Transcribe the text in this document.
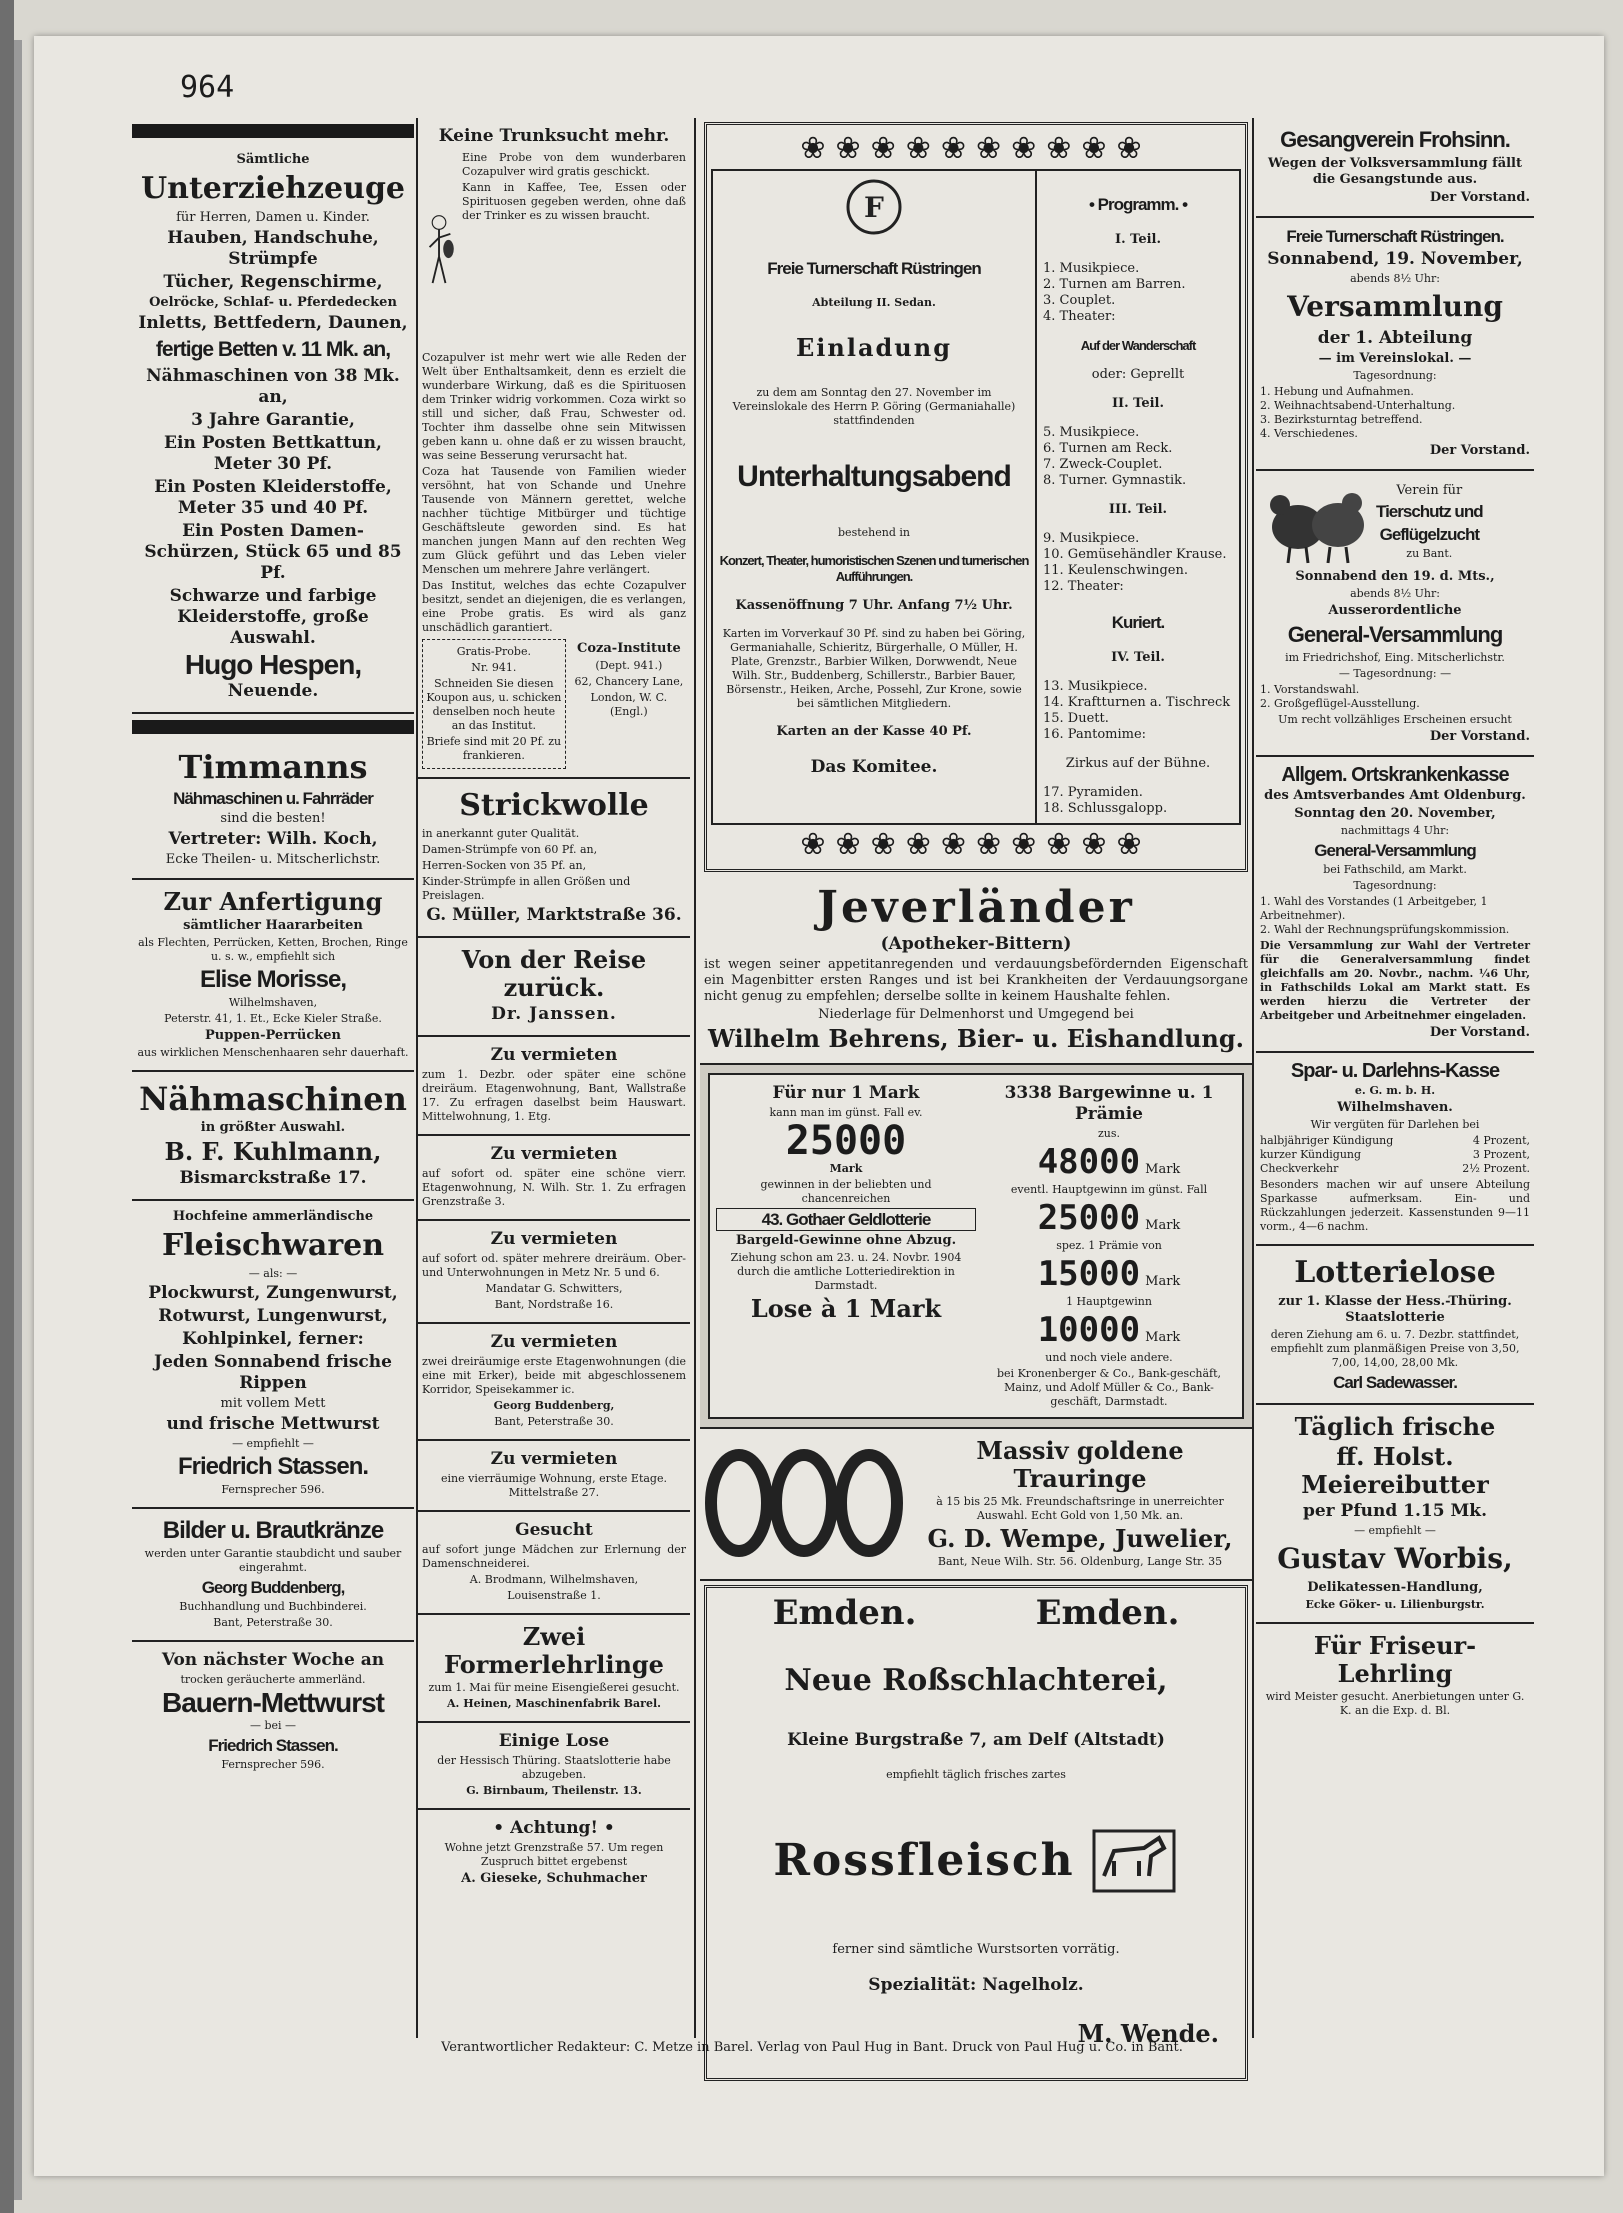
964

Sämtliche

Unterziehzeuge

für Herren, Damen u. Kinder.

Hauben, Handschuhe, Strümpfe

Tücher, Regenschirme,

Oelröcke, Schlaf- u. Pferdedecken

Inletts, Bettfedern, Daunen,

fertige Betten v. 11 Mk. an,

Nähmaschinen von 38 Mk. an,

3 Jahre Garantie,

Ein Posten Bettkattun, Meter 30 Pf.

Ein Posten Kleiderstoffe, Meter 35 und 40 Pf.

Ein Posten Damen-Schürzen, Stück 65 und 85 Pf.

Schwarze und farbige Kleiderstoffe, große Auswahl.

Hugo Hespen,

Neuende.

Timmanns

Nähmaschinen u. Fahrräder

sind die besten!

Vertreter: Wilh. Koch,

Ecke Theilen- u. Mitscherlichstr.

Zur Anfertigung

sämtlicher Haararbeiten

als Flechten, Perrücken, Ketten, Brochen, Ringe u. s. w., empfiehlt sich

Elise Morisse,

Wilhelmshaven,

Peterstr. 41, 1. Et., Ecke Kieler Straße.

Puppen-Perrücken

aus wirklichen Menschenhaaren sehr dauerhaft.

Nähmaschinen

in größter Auswahl.

B. F. Kuhlmann,

Bismarckstraße 17.

Hochfeine ammerländische

Fleischwaren

— als: —

Plockwurst, Zungenwurst,

Rotwurst, Lungenwurst,

Kohlpinkel, ferner:

Jeden Sonnabend frische Rippen

mit vollem Mett

und frische Mettwurst

— empfiehlt —

Friedrich Stassen.

Fernsprecher 596.

Bilder u. Brautkränze

werden unter Garantie staubdicht und sauber eingerahmt.

Georg Buddenberg,

Buchhandlung und Buchbinderei.

Bant, Peterstraße 30.

Von nächster Woche an

trocken geräucherte ammerländ.

Bauern-Mettwurst

— bei —

Friedrich Stassen.

Fernsprecher 596.

Keine Trunksucht mehr.

Eine Probe von dem wunderbaren Cozapulver wird gratis geschickt.

Kann in Kaffee, Tee, Essen oder Spirituosen gegeben werden, ohne daß der Trinker es zu wissen braucht.

Cozapulver ist mehr wert wie alle Reden der Welt über Enthaltsamkeit, denn es erzielt die wunderbare Wirkung, daß es die Spirituosen dem Trinker widrig vorkommen. Coza wirkt so still und sicher, daß Frau, Schwester od. Tochter ihm dasselbe ohne sein Mitwissen geben kann u. ohne daß er zu wissen braucht, was seine Besserung verursacht hat.

Coza hat Tausende von Familien wieder versöhnt, hat von Schande und Unehre Tausende von Männern gerettet, welche nachher tüchtige Mitbürger und tüchtige Geschäftsleute geworden sind. Es hat manchen jungen Mann auf den rechten Weg zum Glück geführt und das Leben vieler Menschen um mehrere Jahre verlängert.

Das Institut, welches das echte Cozapulver besitzt, sendet an diejenigen, die es verlangen, eine Probe gratis. Es wird als ganz unschädlich garantiert.

Gratis-Probe.

Nr. 941.

Schneiden Sie diesen Koupon aus, u. schicken denselben noch heute an das Institut.

Briefe sind mit 20 Pf. zu frankieren.

Coza-Institute

(Dept. 941.)

62, Chancery Lane,

London, W. C. (Engl.)

Strickwolle

in anerkannt guter Qualität.

Damen-Strümpfe von 60 Pf. an,

Herren-Socken von 35 Pf. an,

Kinder-Strümpfe in allen Größen und Preislagen.

G. Müller, Marktstraße 36.

Von der Reise zurück.

Dr. Janssen.

Zu vermieten

zum 1. Dezbr. oder später eine schöne dreiräum. Etagenwohnung, Bant, Wallstraße 17. Zu erfragen daselbst beim Hauswart. Mittelwohnung, 1. Etg.

Zu vermieten

auf sofort od. später eine schöne vierr. Etagenwohnung, N. Wilh. Str. 1. Zu erfragen Grenzstraße 3.

Zu vermieten

auf sofort od. später mehrere dreiräum. Ober- und Unterwohnungen in Metz Nr. 5 und 6.

Mandatar G. Schwitters,

Bant, Nordstraße 16.

Zu vermieten

zwei dreiräumige erste Etagenwohnungen (die eine mit Erker), beide mit abgeschlossenem Korridor, Speisekammer ic.

Georg Buddenberg,

Bant, Peterstraße 30.

Zu vermieten

eine vierräumige Wohnung, erste Etage. Mittelstraße 27.

Gesucht

auf sofort junge Mädchen zur Erlernung der Damenschneiderei.

A. Brodmann, Wilhelmshaven,

Louisenstraße 1.

Zwei Formerlehrlinge

zum 1. Mai für meine Eisengießerei gesucht.

A. Heinen, Maschinenfabrik Barel.

Einige Lose

der Hessisch Thüring. Staatslotterie habe abzugeben.

G. Birnbaum, Theilenstr. 13.

• Achtung! •

Wohne jetzt Grenzstraße 57. Um regen Zuspruch bittet ergebenst

A. Gieseke, Schuhmacher

❀❀❀❀❀❀❀❀❀❀
F

Freie Turnerschaft Rüstringen

Abteilung II. Sedan.

Einladung

zu dem am Sonntag den 27. November im Vereinslokale des Herrn P. Göring (Germaniahalle) stattfindenden

Unterhaltungsabend

bestehend in

Konzert, Theater, humoristischen Szenen und turnerischen Aufführungen.

Kassenöffnung 7 Uhr. Anfang 7½ Uhr.

Karten im Vorverkauf 30 Pf. sind zu haben bei Göring, Germaniahalle, Schieritz, Bürgerhalle, O Müller, H. Plate, Grenzstr., Barbier Wilken, Dorwwendt, Neue Wilh. Str., Buddenberg, Schillerstr., Barbier Bauer, Börsenstr., Heiken, Arche, Possehl, Zur Krone, sowie bei sämtlichen Mitgliedern.

Karten an der Kasse 40 Pf.

Das Komitee.

• Programm. •

I. Teil.

1. Musikpiece.
2. Turnen am Barren.
3. Couplet.
4. Theater:

Auf der Wanderschaft

oder: Geprellt

II. Teil.

5. Musikpiece.
6. Turnen am Reck.
7. Zweck-Couplet.
8. Turner. Gymnastik.

III. Teil.

9. Musikpiece.
10. Gemüsehändler Krause.
11. Keulenschwingen.
12. Theater:

Kuriert.

IV. Teil.

13. Musikpiece.
14. Kraftturnen a. Tischreck
15. Duett.
16. Pantomime:

Zirkus auf der Bühne.

17. Pyramiden.
18. Schlussgalopp.
❀❀❀❀❀❀❀❀❀❀

Jeverländer

(Apotheker-Bittern)

ist wegen seiner appetitanregenden und verdauungsbefördernden Eigenschaft ein Magenbitter ersten Ranges und ist bei Krankheiten der Verdauungsorgane nicht genug zu empfehlen; derselbe sollte in keinem Haushalte fehlen.

Niederlage für Delmenhorst und Umgegend bei

Wilhelm Behrens, Bier- u. Eishandlung.

Für nur 1 Mark

kann man im günst. Fall ev.

25000

Mark

gewinnen in der beliebten und chancenreichen

43. Gothaer Geldlotterie

Bargeld-Gewinne ohne Abzug.

Ziehung schon am 23. u. 24. Novbr. 1904 durch die amtliche Lotteriedirektion in Darmstadt.

Lose à 1 Mark

3338 Bargewinne u. 1 Prämie

zus.

48000 Mark

eventl. Hauptgewinn im günst. Fall

25000 Mark

spez. 1 Prämie von

15000 Mark

1 Hauptgewinn

10000 Mark

und noch viele andere.

bei Kronenberger & Co., Bank-geschäft, Mainz, und Adolf Müller & Co., Bank-geschäft, Darmstadt.

Massiv goldene Trauringe

à 15 bis 25 Mk. Freundschaftsringe in unerreichter Auswahl. Echt Gold von 1,50 Mk. an.

G. D. Wempe, Juwelier,

Bant, Neue Wilh. Str. 56. Oldenburg, Lange Str. 35

Emden.	Emden.

Neue Roßschlachterei,

Kleine Burgstraße 7, am Delf (Altstadt)

empfiehlt täglich frisches zartes

Rossfleisch

ferner sind sämtliche Wurstsorten vorrätig.

Spezialität: Nagelholz.

M. Wende.

Gesangverein Frohsinn.

Wegen der Volksversammlung fällt die Gesangstunde aus.

Der Vorstand.

Freie Turnerschaft Rüstringen.

Sonnabend, 19. November,

abends 8½ Uhr:

Versammlung

der 1. Abteilung

— im Vereinslokal. —

Tagesordnung:

1. Hebung und Aufnahmen.
2. Weihnachtsabend-Unterhaltung.
3. Bezirksturntag betreffend.
4. Verschiedenes.

Der Vorstand.

Verein für

Tierschutz und

Geflügelzucht

zu Bant.

Sonnabend den 19. d. Mts.,

abends 8½ Uhr:

Ausserordentliche

General-Versammlung

im Friedrichshof, Eing. Mitscherlichstr.

— Tagesordnung: —

1. Vorstandswahl.
2. Großgeflügel-Ausstellung.

Um recht vollzähliges Erscheinen ersucht

Der Vorstand.

Allgem. Ortskrankenkasse

des Amtsverbandes Amt Oldenburg.

Sonntag den 20. November,

nachmittags 4 Uhr:

General-Versammlung

bei Fathschild, am Markt.

Tagesordnung:

1. Wahl des Vorstandes (1 Arbeitgeber, 1 Arbeitnehmer).
2. Wahl der Rechnungsprüfungskommission.

Die Versammlung zur Wahl der Vertreter für die Generalversammlung findet gleichfalls am 20. Novbr., nachm. ¼6 Uhr, in Fathschilds Lokal am Markt statt. Es werden hierzu die Vertreter der Arbeitgeber und Arbeitnehmer eingeladen.

Der Vorstand.

Spar- u. Darlehns-Kasse

e. G. m. b. H.

Wilhelmshaven.

Wir vergüten für Darlehen bei

halbjähriger Kündigung	4 Prozent,
kurzer Kündigung	3 Prozent,
Checkverkehr	2½ Prozent.

Besonders machen wir auf unsere Abteilung Sparkasse aufmerksam. Ein- und Rückzahlungen jederzeit. Kassenstunden 9—11 vorm., 4—6 nachm.

Lotterielose

zur 1. Klasse der Hess.-Thüring. Staatslotterie

deren Ziehung am 6. u. 7. Dezbr. stattfindet, empfiehlt zum planmäßigen Preise von 3,50, 7,00, 14,00, 28,00 Mk.

Carl Sadewasser.

Täglich frische

ff. Holst. Meiereibutter

per Pfund 1.15 Mk.

— empfiehlt —

Gustav Worbis,

Delikatessen-Handlung,

Ecke Göker- u. Lilienburgstr.

Für Friseur-Lehrling

wird Meister gesucht. Anerbietungen unter G. K. an die Exp. d. Bl.

Verantwortlicher Redakteur: C. Metze in Barel. Verlag von Paul Hug in Bant. Druck von Paul Hug u. Co. in Bant.
